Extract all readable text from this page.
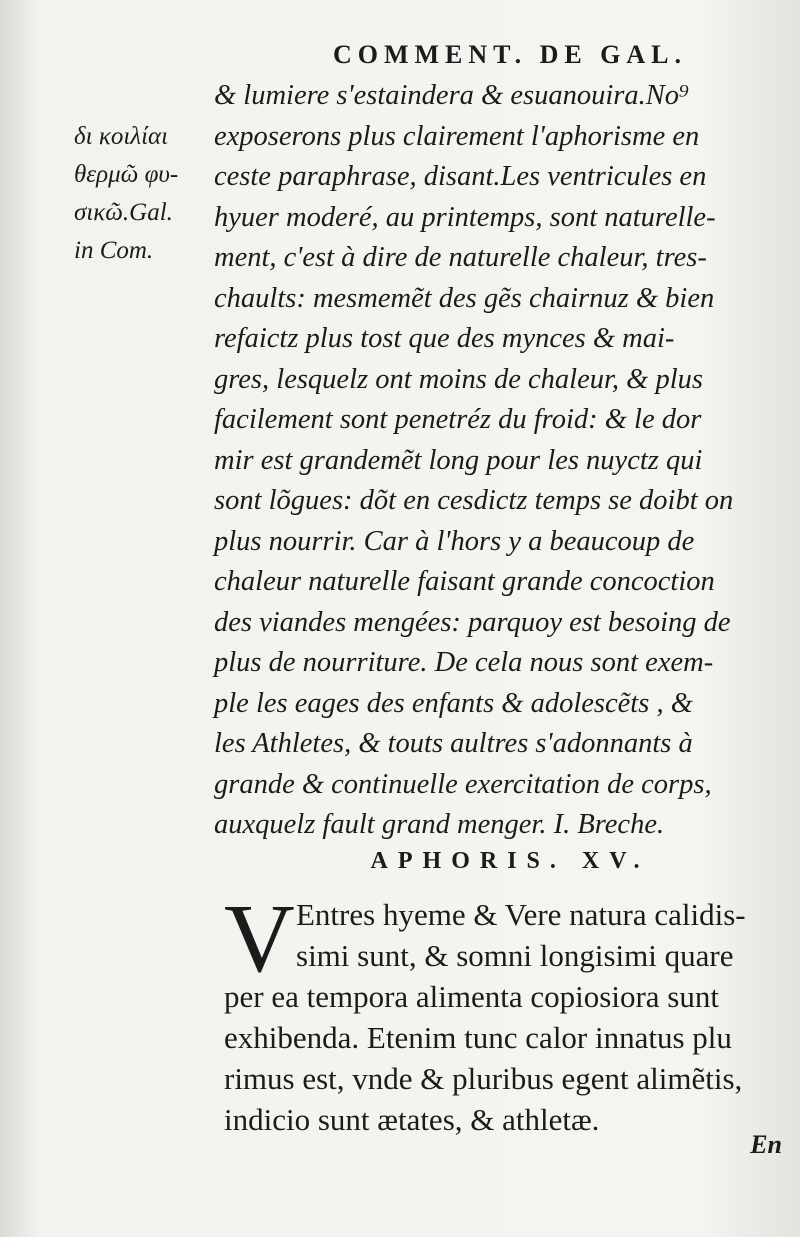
COMMENT. DE GAL.
δι κοιλίαι
θερμῶ φυ-
σικῶ.Gal.
in Com.
& lumiere s'estaindera & esuanouira.No⁹
exposerons plus clairement l'aphorisme en
ceste paraphrase, disant.Les ventricules en
hyuer moderé, au printemps, sont naturelle-
ment, c'est à dire de naturelle chaleur, tres-
chaults: mesmemẽt des gẽs chairnuz & bien
refaictz plus tost que des mynces & mai-
gres, lesquelz ont moins de chaleur, & plus
facilement sont penetréz du froid: & le dor
mir est grandemẽt long pour les nuyctz qui
sont lõgues: dõt en cesdictz temps se doibt on
plus nourrir. Car à l'hors y a beaucoup de
chaleur naturelle faisant grande concoction
des viandes mengées: parquoy est besoing de
plus de nourriture. De cela nous sont exem-
ple les eages des enfants & adolescẽts , &
les Athletes, & touts aultres s'adonnants à
grande & continuelle exercitation de corps,
auxquelz fault grand menger. I. Breche.
APHORIS. XV.
V Entres hyeme & Vere natura calidis-
simi sunt, & somni longisimi quare
per ea tempora alimenta copiosiora sunt
exhibenda. Etenim tunc calor innatus plu
rimus est, vnde & pluribus egent alimẽtis,
indicio sunt ætates, & athletæ.
En
